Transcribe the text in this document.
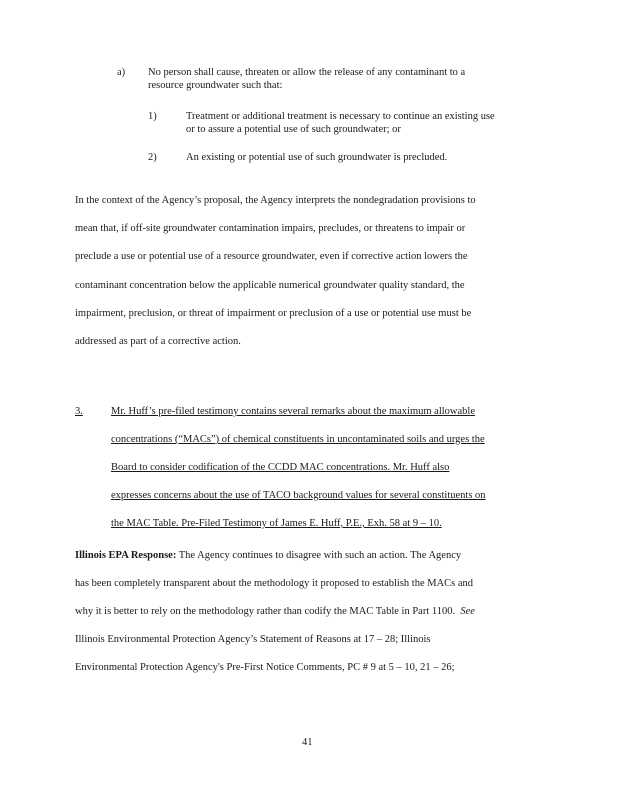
a) No person shall cause, threaten or allow the release of any contaminant to a

resource groundwater such that:

1)	Treatment or additional treatment is necessary to continue an existing use

or to assure a potential use of such groundwater; or

2)	An existing or potential use of such groundwater is precluded.

In the context of the Agency’s proposal, the Agency interprets the nondegradation provisions to

mean that, if off-site groundwater contamination impairs, precludes, or threatens to impair or

preclude a use or potential use of a resource groundwater, even if corrective action lowers the

contaminant concentration below the applicable numerical groundwater quality standard, the

impairment, preclusion, or threat of impairment or preclusion of a use or potential use must be

addressed as part of a corrective action.

3.	Mr. Huff’s pre-filed testimony contains several remarks about the maximum allowable

concentrations (“MACs”) of chemical constituents in uncontaminated soils and urges the

Board to consider codification of the CCDD MAC concentrations. Mr. Huff also

expresses concerns about the use of TACO background values for several constituents on

the MAC Table. Pre-Filed Testimony of James E. Huff, P.E., Exh. 58 at 9 – 10.

Illinois EPA Response: The Agency continues to disagree with such an action. The Agency

has been completely transparent about the methodology it proposed to establish the MACs and

why it is better to rely on the methodology rather than codify the MAC Table in Part 1100. See

Illinois Environmental Protection Agency’s Statement of Reasons at 17 – 28; Illinois

Environmental Protection Agency's Pre-First Notice Comments, PC # 9 at 5 – 10, 21 – 26;

41
